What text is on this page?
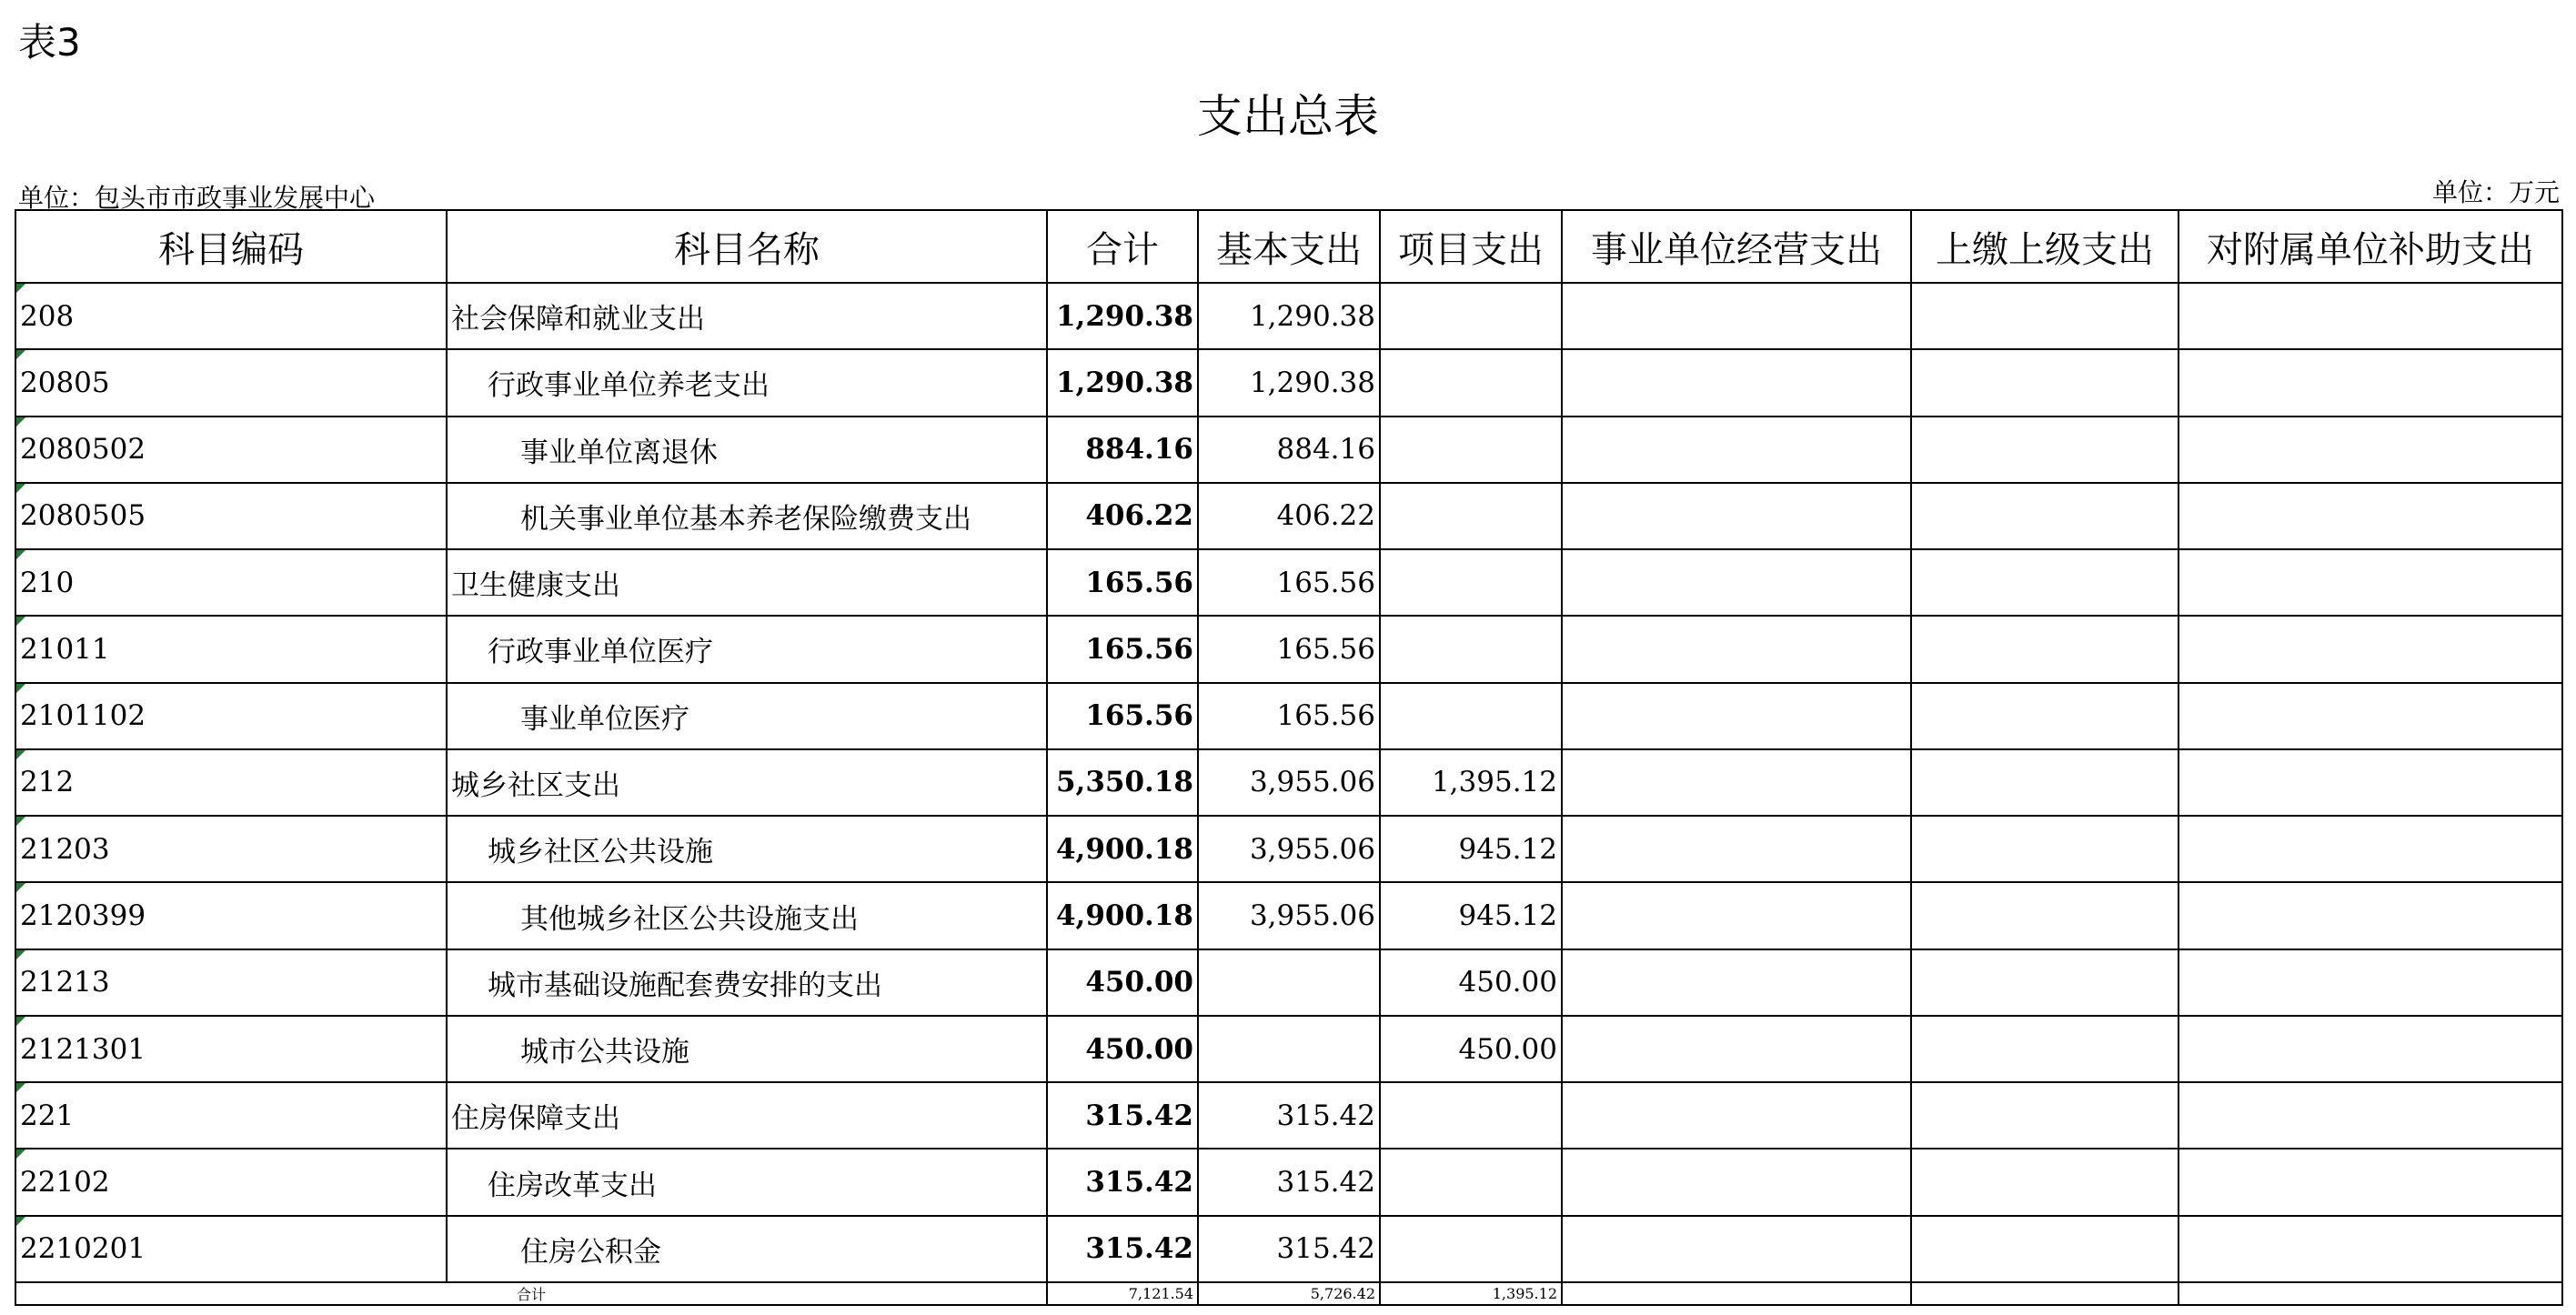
表3
支出总表
单位：包头市市政事业发展中心	单位：万元
科目编码	科目名称	合计	基本支出	项目支出	事业单位经营支出	上缴上级支出	对附属单位补助支出
208	社会保障和就业支出	1,290.38	1,290.38				
20805	行政事业单位养老支出	1,290.38	1,290.38				
2080502	事业单位离退休	884.16	884.16				
2080505	机关事业单位基本养老保险缴费支出	406.22	406.22				
210	卫生健康支出	165.56	165.56				
21011	行政事业单位医疗	165.56	165.56				
2101102	事业单位医疗	165.56	165.56				
212	城乡社区支出	5,350.18	3,955.06	1,395.12			
21203	城乡社区公共设施	4,900.18	3,955.06	945.12			
2120399	其他城乡社区公共设施支出	4,900.18	3,955.06	945.12			
21213	城市基础设施配套费安排的支出	450.00		450.00			
2121301	城市公共设施	450.00		450.00			
221	住房保障支出	315.42	315.42				
22102	住房改革支出	315.42	315.42				
2210201	住房公积金	315.42	315.42				
合计		7,121.54	5,726.42	1,395.12			
